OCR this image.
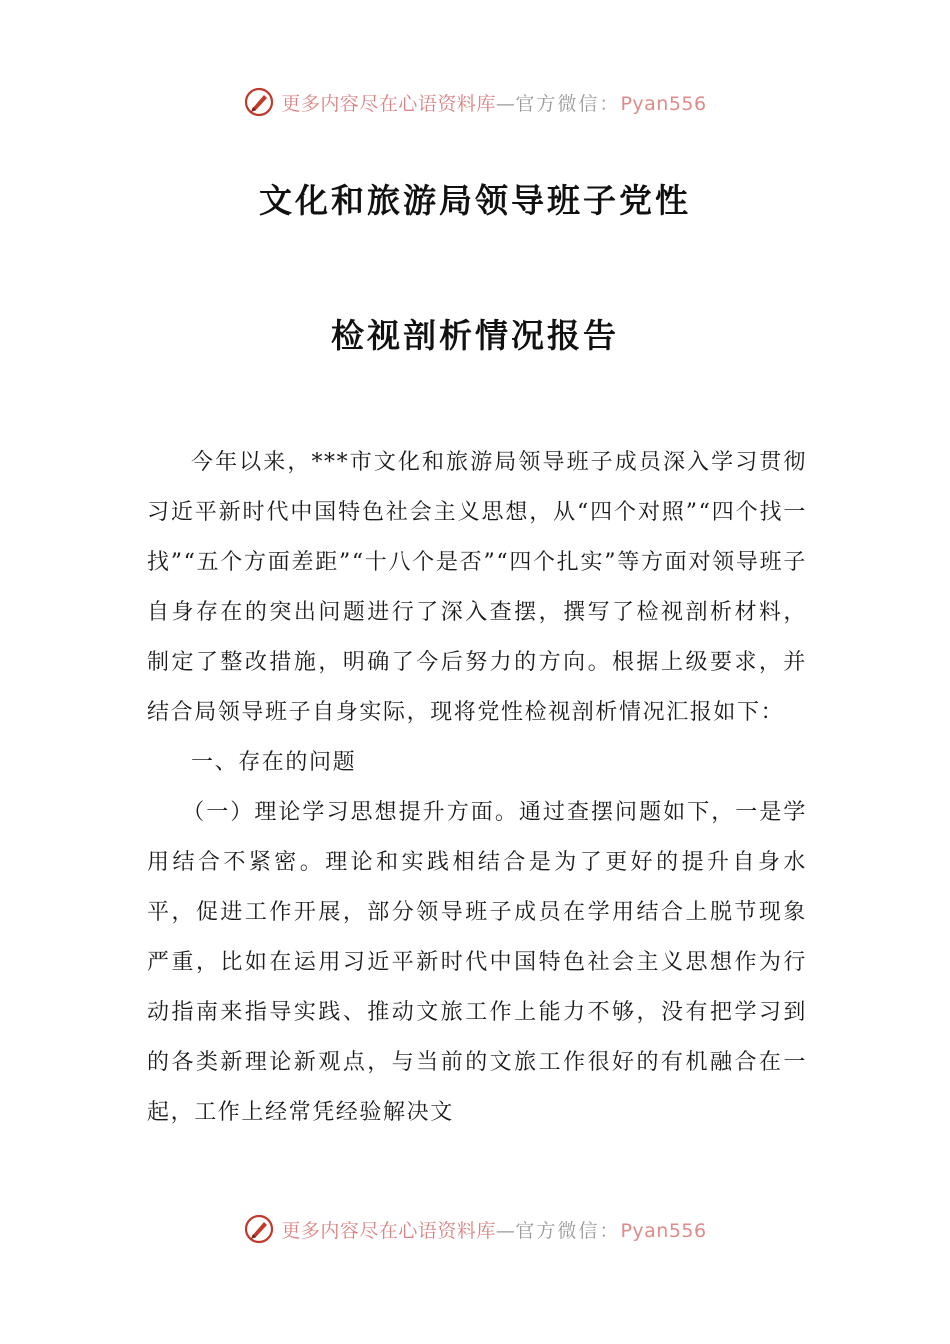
更多内容尽在心语资料库—官方微信：Pyan556
文化和旅游局领导班子党性
检视剖析情况报告

今年以来，***市文化和旅游局领导班子成员深入学习贯彻习近平新时代中国特色社会主义思想，从“四个对照”“四个找一找”“五个方面差距”“十八个是否”“四个扎实”等方面对领导班子自身存在的突出问题进行了深入查摆，撰写了检视剖析材料，制定了整改措施，明确了今后努力的方向。根据上级要求，并结合局领导班子自身实际，现将党性检视剖析情况汇报如下：

一、存在的问题

（一）理论学习思想提升方面。通过查摆问题如下，一是学用结合不紧密。理论和实践相结合是为了更好的提升自身水平，促进工作开展，部分领导班子成员在学用结合上脱节现象严重，比如在运用习近平新时代中国特色社会主义思想作为行动指南来指导实践、推动文旅工作上能力不够，没有把学习到的各类新理论新观点，与当前的文旅工作很好的有机融合在一起，工作上经常凭经验解决文

更多内容尽在心语资料库—官方微信：Pyan556
